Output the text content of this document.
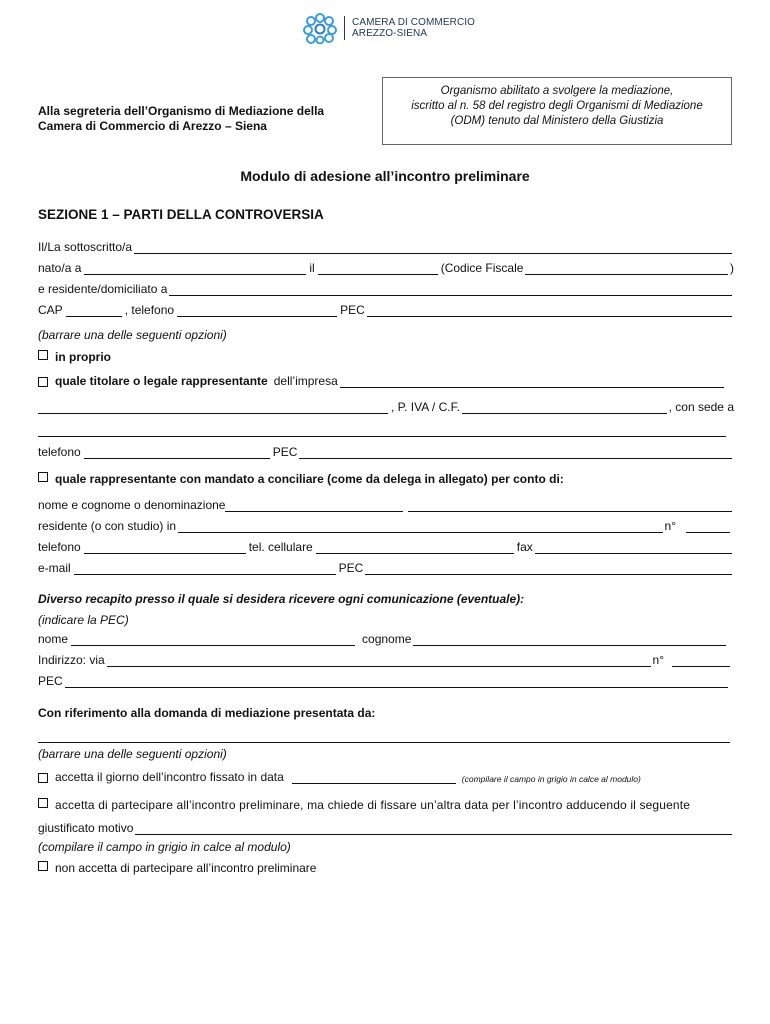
CAMERA DI COMMERCIO
AREZZO-SIENA
Alla segreteria dell’Organismo di Mediazione della
Camera di Commercio di Arezzo – Siena
Organismo abilitato a svolgere la mediazione,
iscritto al n. 58 del registro degli Organismi di Mediazione
(ODM) tenuto dal Ministero della Giustizia
Modulo di adesione all’incontro preliminare
SEZIONE 1 – PARTI DELLA CONTROVERSIA
Il/La sottoscritto/a
nato/a a	il	(Codice Fiscale	)
e residente/domiciliato a
CAP	, telefono	PEC
(barrare una delle seguenti opzioni)
in proprio
quale titolare o legale rappresentante dell’impresa
, P. IVA / C.F.	, con sede a
telefono	PEC
quale rappresentante con mandato a conciliare (come da delega in allegato) per conto di:
nome e cognome o denominazione
residente (o con studio) in	n°
telefono	tel. cellulare	fax
e-mail	PEC
Diverso recapito presso il quale si desidera ricevere ogni comunicazione (eventuale):
(indicare la PEC)
nome	cognome
Indirizzo: via	n°
PEC
Con riferimento alla domanda di mediazione presentata da:
(barrare una delle seguenti opzioni)
accetta il giorno dell’incontro fissato in data	(compilare il campo in grigio in calce al modulo)
accetta di partecipare all’incontro preliminare, ma chiede di fissare un’altra data per l’incontro adducendo il seguente
giustificato motivo
(compilare il campo in grigio in calce al modulo)
non accetta di partecipare all’incontro preliminare
